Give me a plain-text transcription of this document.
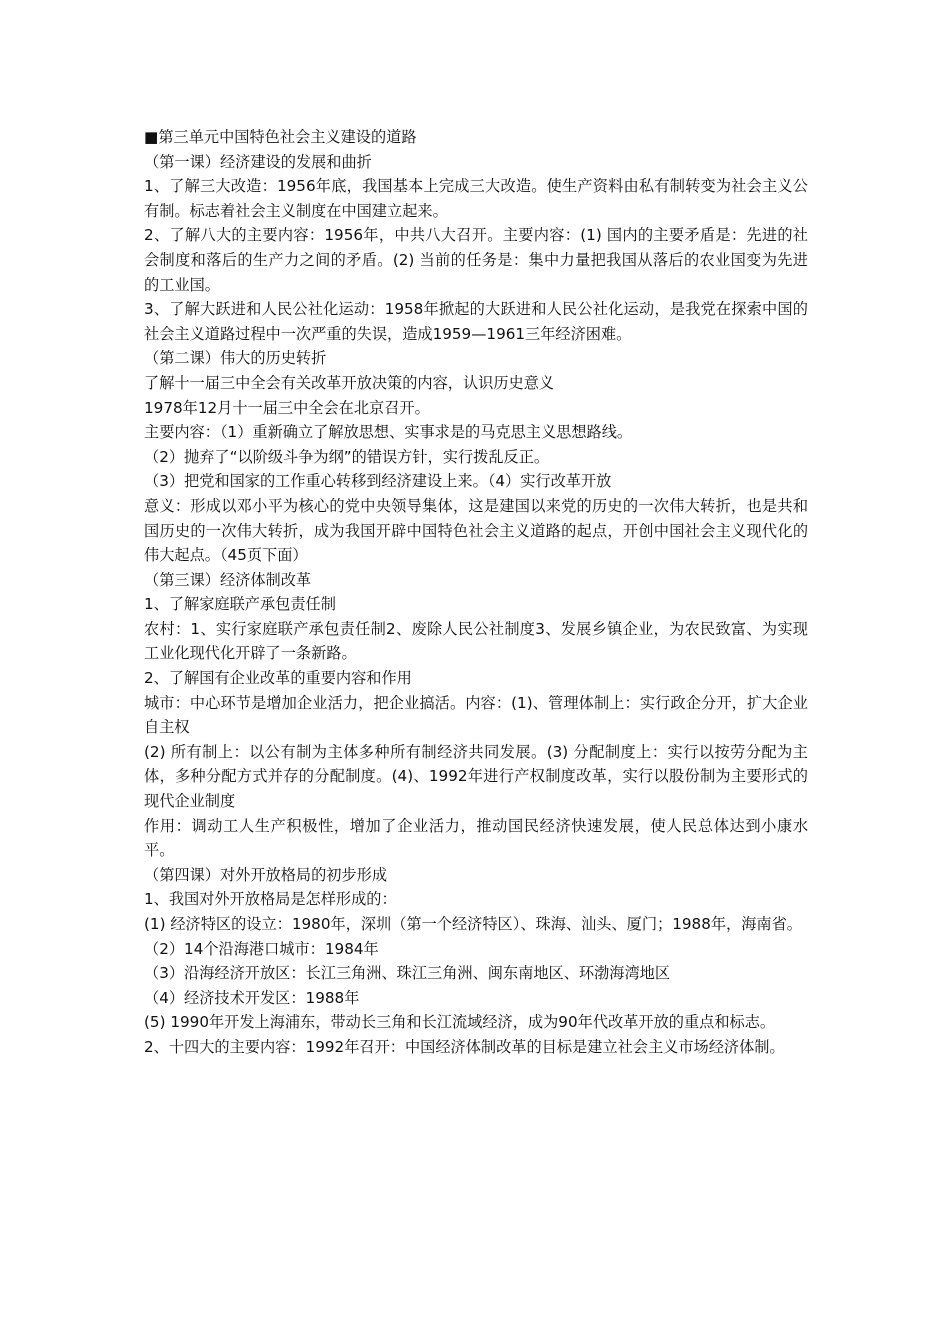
■第三单元中国特色社会主义建设的道路

（第一课）经济建设的发展和曲折

1、了解三大改造：1956年底，我国基本上完成三大改造。使生产资料由私有制转变为社会主义公有制。标志着社会主义制度在中国建立起来。

2、了解八大的主要内容：1956年，中共八大召开。主要内容：(1) 国内的主要矛盾是：先进的社会制度和落后的生产力之间的矛盾。(2) 当前的任务是：集中力量把我国从落后的农业国变为先进的工业国。

3、了解大跃进和人民公社化运动：1958年掀起的大跃进和人民公社化运动，是我党在探索中国的社会主义道路过程中一次严重的失误，造成1959—1961三年经济困难。

（第二课）伟大的历史转折

了解十一届三中全会有关改革开放决策的内容，认识历史意义

1978年12月十一届三中全会在北京召开。

主要内容：（1）重新确立了解放思想、实事求是的马克思主义思想路线。

（2）抛弃了“以阶级斗争为纲”的错误方针，实行拨乱反正。

（3）把党和国家的工作重心转移到经济建设上来。（4）实行改革开放

意义：形成以邓小平为核心的党中央领导集体，这是建国以来党的历史的一次伟大转折，也是共和国历史的一次伟大转折，成为我国开辟中国特色社会主义道路的起点，开创中国社会主义现代化的伟大起点。（45页下面）

（第三课）经济体制改革

1、了解家庭联产承包责任制

农村：1、实行家庭联产承包责任制2、废除人民公社制度3、发展乡镇企业，为农民致富、为实现工业化现代化开辟了一条新路。

2、了解国有企业改革的重要内容和作用

城市：中心环节是增加企业活力，把企业搞活。内容：(1)、管理体制上：实行政企分开，扩大企业自主权

(2) 所有制上：以公有制为主体多种所有制经济共同发展。(3) 分配制度上：实行以按劳分配为主体，多种分配方式并存的分配制度。(4)、1992年进行产权制度改革，实行以股份制为主要形式的现代企业制度

作用：调动工人生产积极性，增加了企业活力，推动国民经济快速发展，使人民总体达到小康水平。

（第四课）对外开放格局的初步形成

1、我国对外开放格局是怎样形成的：

(1) 经济特区的设立：1980年，深圳（第一个经济特区）、珠海、汕头、厦门；1988年，海南省。

（2）14个沿海港口城市：1984年

（3）沿海经济开放区：长江三角洲、珠江三角洲、闽东南地区、环渤海湾地区

（4）经济技术开发区：1988年

(5) 1990年开发上海浦东，带动长三角和长江流域经济，成为90年代改革开放的重点和标志。

2、十四大的主要内容：1992年召开：中国经济体制改革的目标是建立社会主义市场经济体制。
